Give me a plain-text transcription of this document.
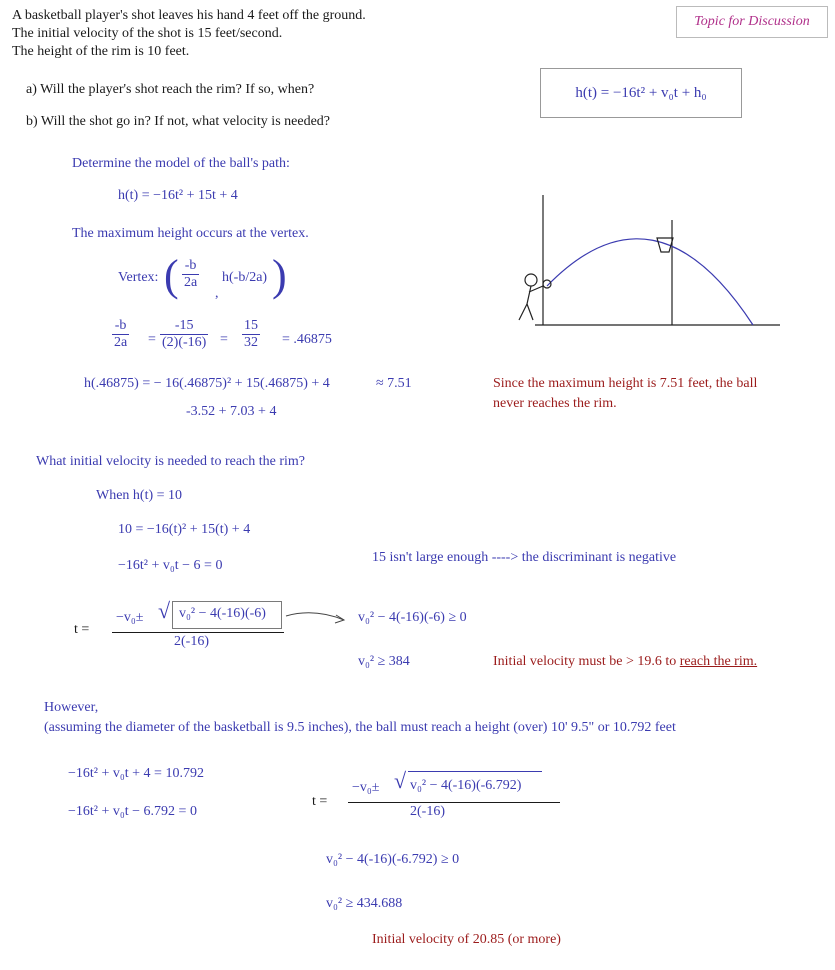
A basketball player's shot leaves his hand 4 feet off the ground.
The initial velocity of the shot is 15 feet/second.
The height of the rim is 10 feet.
a) Will the player's shot reach the rim? If so, when?
b) Will the shot go in? If not, what velocity is needed?
Topic for Discussion
h(t) = −16t² + v₀t + h₀
Determine the model of the ball's path:
h(t) = −16t² + 15t + 4
The maximum height occurs at the vertex.
Vertex: ( $\frac{-b}{2a}$
,
h(-b/2a) )
$\frac{-b}{2a} = \frac{-15}{(2)(-16)} = \frac{15}{32} = .46875$
h(.46875) = − 16(.46875)² + 15(.46875) + 4	≈ 7.51
-3.52 + 7.03 + 4
Since the maximum height is 7.51 feet, the ball
never reaches the rim.
What initial velocity is needed to reach the rim?
When h(t) = 10
10 = −16(t)² + 15(t) + 4
−16t² + v₀t − 6 = 0
15 isn't large enough ----> the discriminant is negative
t =
−v₀± √ v₀² − 4(-16)(-6)
2(-16)
v₀² − 4(-16)(-6) ≥ 0
v₀² ≥ 384	Initial velocity must be > 19.6 to reach the rim.
However,
(assuming the diameter of the basketball is 9.5 inches), the ball must reach a height (over) 10' 9.5" or 10.792 feet
−16t² + v₀t + 4 = 10.792
−16t² + v₀t − 6.792 = 0
t =
−v₀± √ v₀² − 4(-16)(-6.792)
2(-16)
v₀² − 4(-16)(-6.792) ≥ 0
v₀² ≥ 434.688
Initial velocity of 20.85 (or more)
